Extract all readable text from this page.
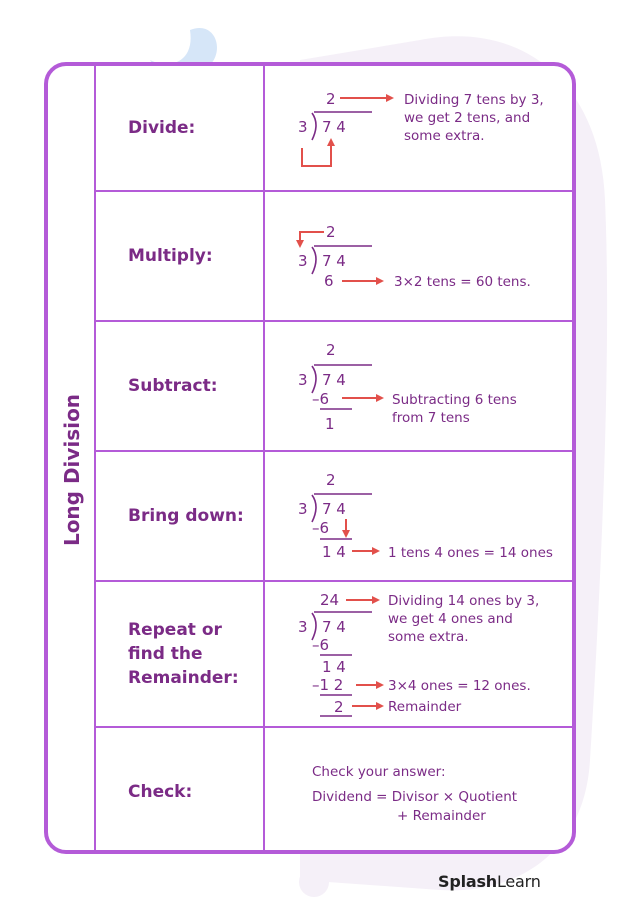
Long Division
Divide:
Multiply:
Subtract:
Bring down:
Repeat or
find the
Remainder:
Check:
2
3 7 4
Dividing 7 tens by 3,
we get 2 tens, and
some extra.
2
3 7 4
6	3×2 tens = 60 tens.
2
3 7 4
–6
1
Subtracting 6 tens
from 7 tens
2
3 7 4
–6
1 4	1 tens 4 ones = 14 ones
24
3 7 4
–6
1 4
–1 2
2
Dividing 14 ones by 3,
we get 4 ones and
some extra.
3×4 ones = 12 ones.
Remainder
Check your answer:
Dividend = Divisor × Quotient
+ Remainder
SplashLearn
